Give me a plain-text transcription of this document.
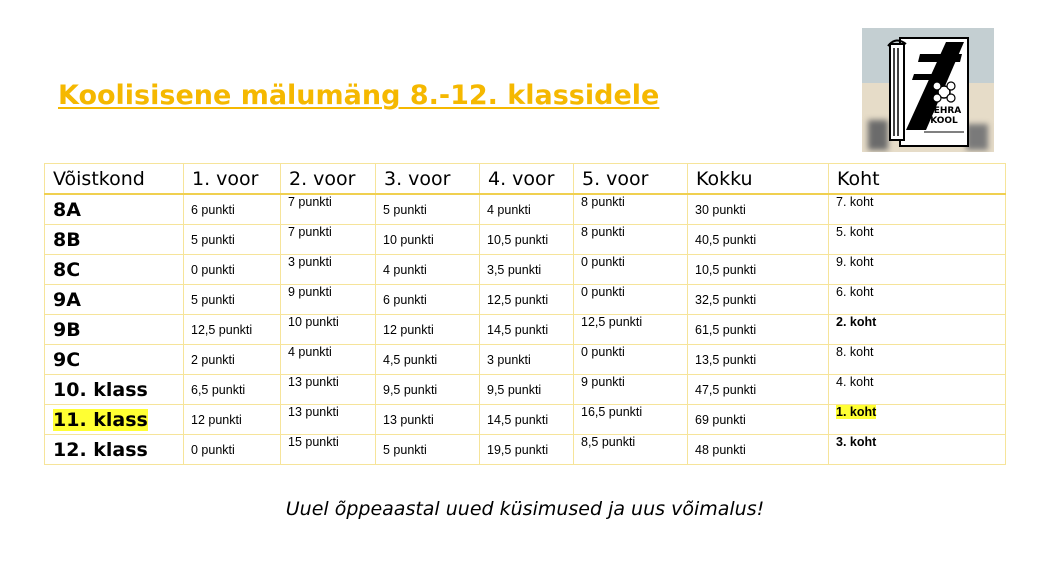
Koolisisene mälumäng 8.-12. klassidele	KEHRA
KOOL
Võistkond	1. voor	2. voor	3. voor	4. voor	5. voor	Kokku	Koht
8A	6 punkti	7 punkti	5 punkti	4 punkti	8 punkti	30 punkti	7. koht
8B	5 punkti	7 punkti	10 punkti	10,5 punkti	8 punkti	40,5 punkti	5. koht
8C	0 punkti	3 punkti	4 punkti	3,5 punkti	0 punkti	10,5 punkti	9. koht
9A	5 punkti	9 punkti	6 punkti	12,5 punkti	0 punkti	32,5 punkti	6. koht
9B	12,5 punkti	10 punkti	12 punkti	14,5 punkti	12,5 punkti	61,5 punkti	2. koht
9C	2 punkti	4 punkti	4,5 punkti	3 punkti	0 punkti	13,5 punkti	8. koht
10. klass	6,5 punkti	13 punkti	9,5 punkti	9,5 punkti	9 punkti	47,5 punkti	4. koht
11. klass	12 punkti	13 punkti	13 punkti	14,5 punkti	16,5 punkti	69 punkti	1. koht
12. klass	0 punkti	15 punkti	5 punkti	19,5 punkti	8,5 punkti	48 punkti	3. koht
Uuel õppeaastal uued küsimused ja uus võimalus!
